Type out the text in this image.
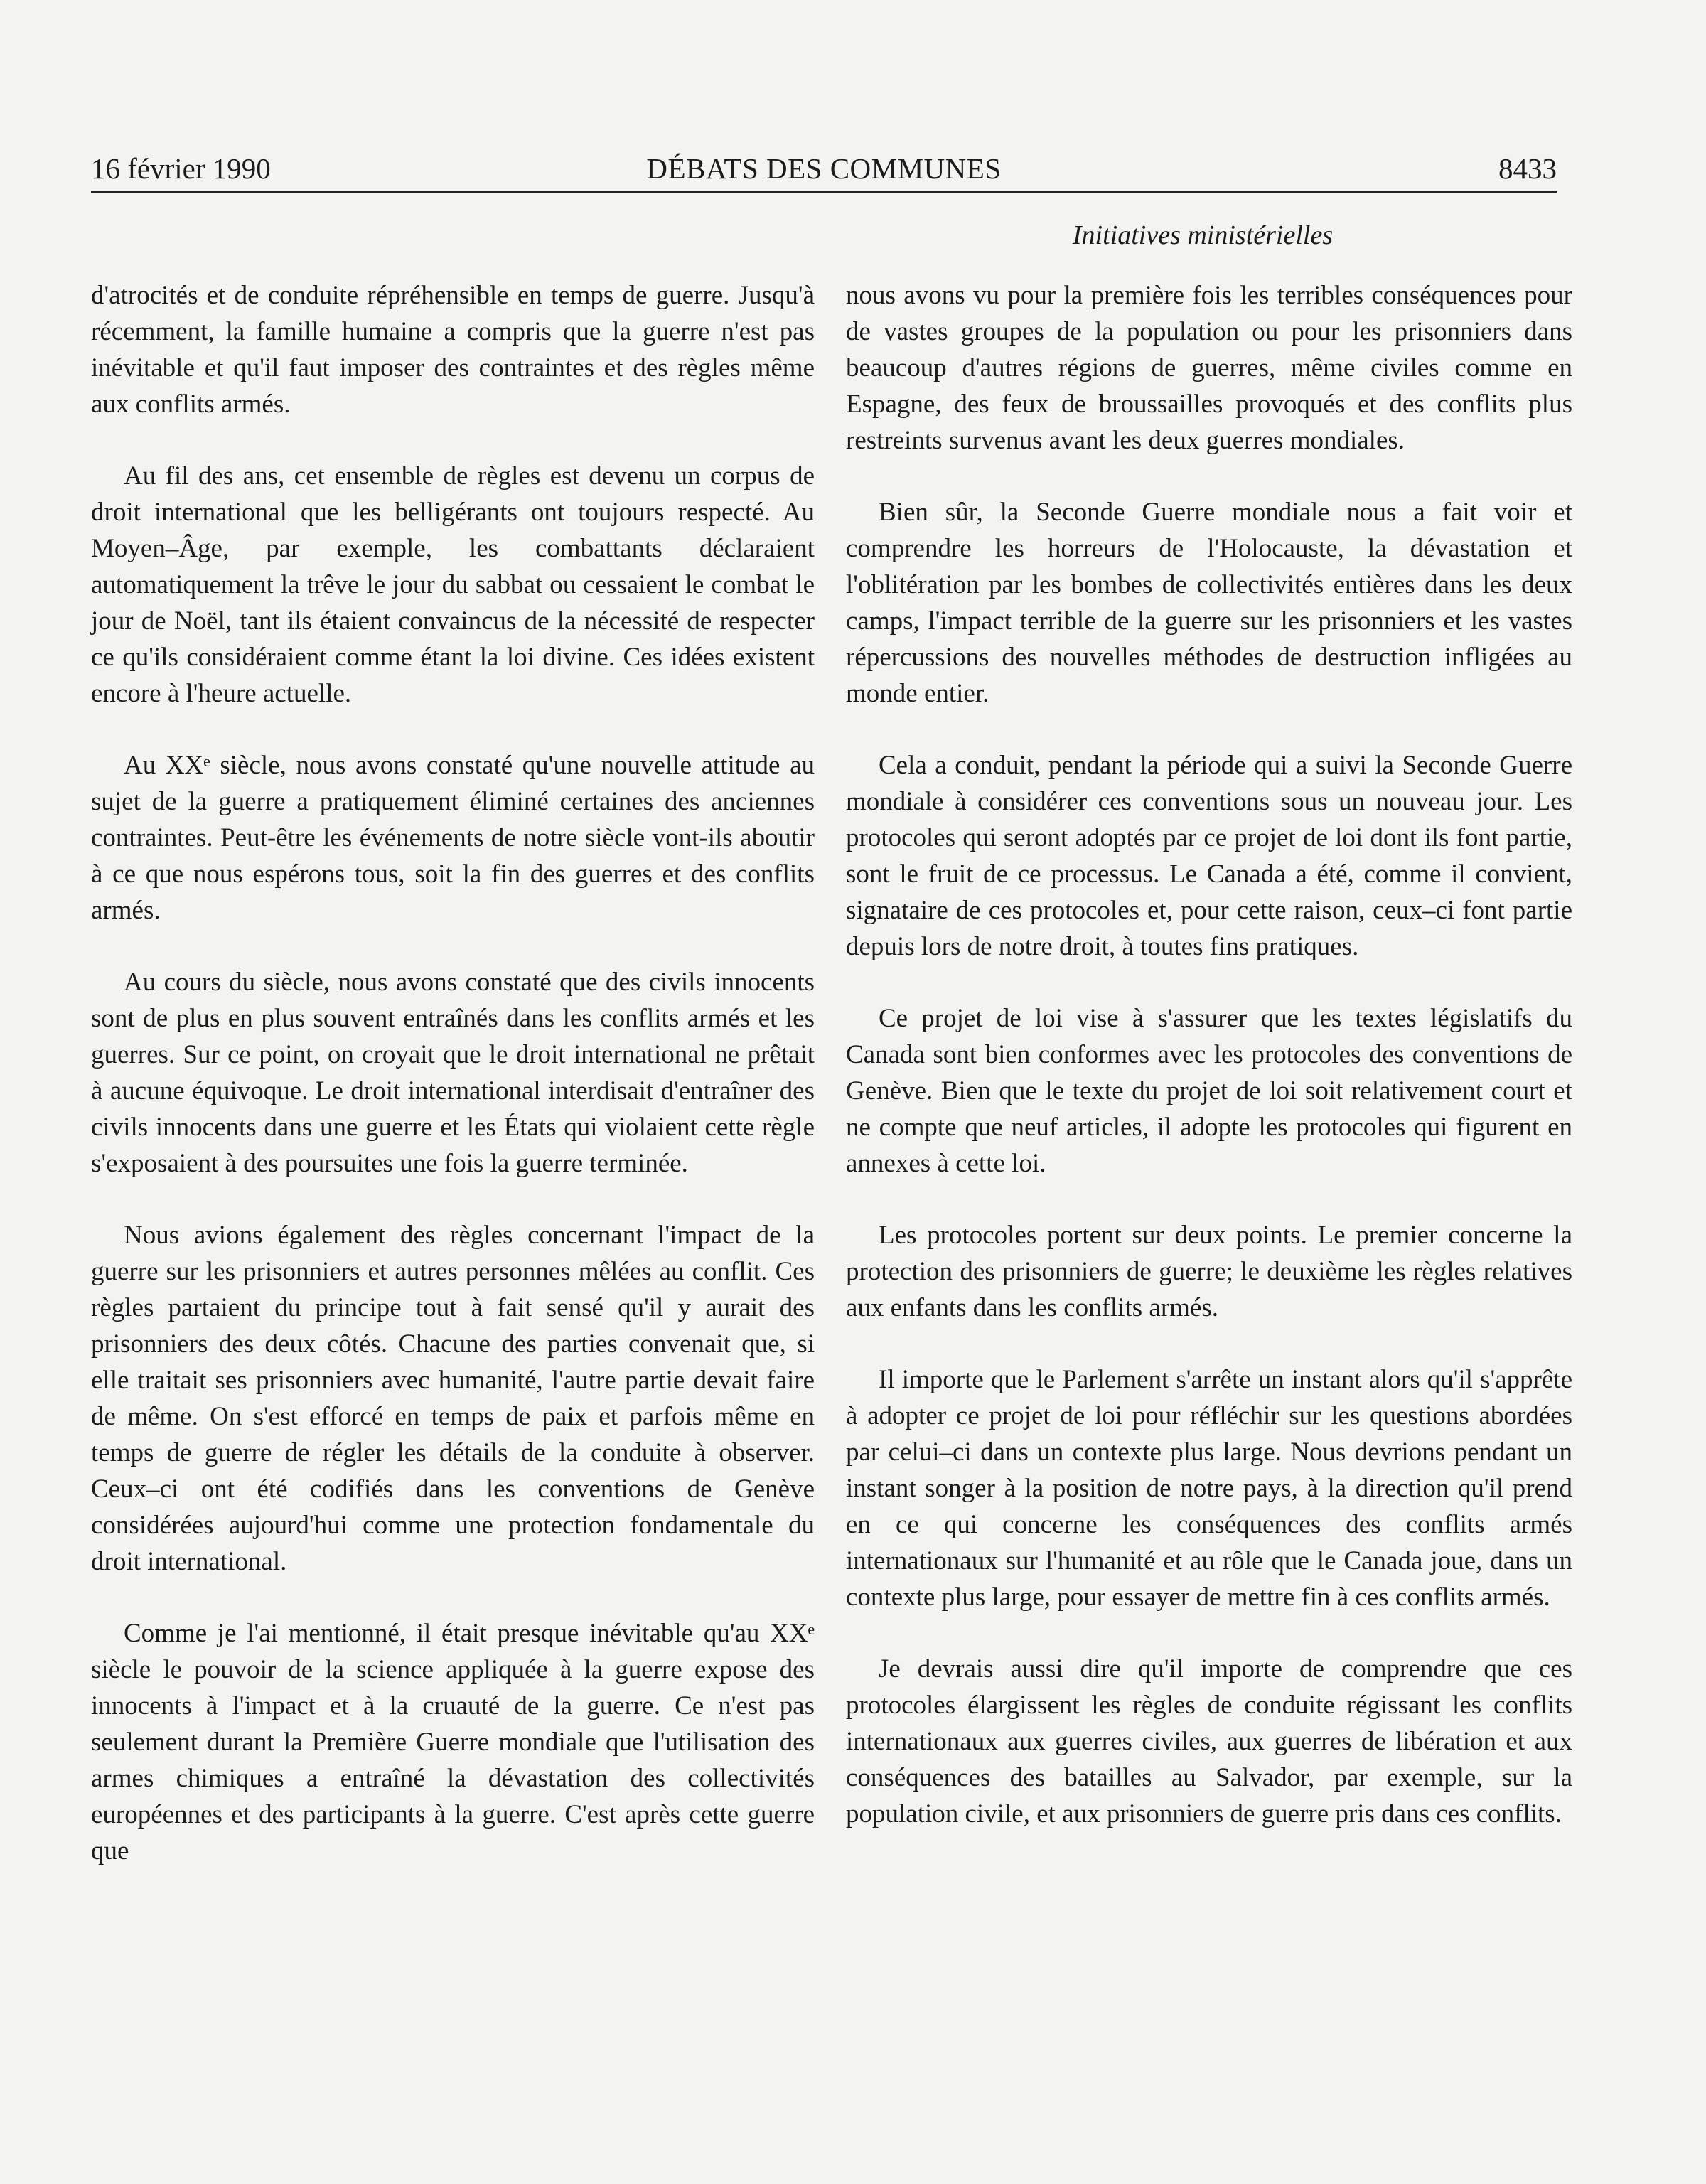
16 février 1990	DÉBATS DES COMMUNES	8433
Initiatives ministérielles

d'atrocités et de conduite répréhensible en temps de guerre. Jusqu'à récemment, la famille humaine a compris que la guerre n'est pas inévitable et qu'il faut imposer des contraintes et des règles même aux conflits armés.

Au fil des ans, cet ensemble de règles est devenu un corpus de droit international que les belligérants ont toujours respecté. Au Moyen–Âge, par exemple, les combattants déclaraient automatiquement la trêve le jour du sabbat ou cessaient le combat le jour de Noël, tant ils étaient convaincus de la nécessité de respecter ce qu'ils considéraient comme étant la loi divine. Ces idées existent encore à l'heure actuelle.

Au XXᵉ siècle, nous avons constaté qu'une nouvelle attitude au sujet de la guerre a pratiquement éliminé certaines des anciennes contraintes. Peut-être les événements de notre siècle vont-ils aboutir à ce que nous espérons tous, soit la fin des guerres et des conflits armés.

Au cours du siècle, nous avons constaté que des civils innocents sont de plus en plus souvent entraînés dans les conflits armés et les guerres. Sur ce point, on croyait que le droit international ne prêtait à aucune équivoque. Le droit international interdisait d'entraîner des civils innocents dans une guerre et les États qui violaient cette règle s'exposaient à des poursuites une fois la guerre terminée.

Nous avions également des règles concernant l'impact de la guerre sur les prisonniers et autres personnes mêlées au conflit. Ces règles partaient du principe tout à fait sensé qu'il y aurait des prisonniers des deux côtés. Chacune des parties convenait que, si elle traitait ses prisonniers avec humanité, l'autre partie devait faire de même. On s'est efforcé en temps de paix et parfois même en temps de guerre de régler les détails de la conduite à observer. Ceux–ci ont été codifiés dans les conventions de Genève considérées aujourd'hui comme une protection fondamentale du droit international.

Comme je l'ai mentionné, il était presque inévitable qu'au XXᵉ siècle le pouvoir de la science appliquée à la guerre expose des innocents à l'impact et à la cruauté de la guerre. Ce n'est pas seulement durant la Première Guerre mondiale que l'utilisation des armes chimiques a entraîné la dévastation des collectivités européennes et des participants à la guerre. C'est après cette guerre que

nous avons vu pour la première fois les terribles conséquences pour de vastes groupes de la population ou pour les prisonniers dans beaucoup d'autres régions de guerres, même civiles comme en Espagne, des feux de broussailles provoqués et des conflits plus restreints survenus avant les deux guerres mondiales.

Bien sûr, la Seconde Guerre mondiale nous a fait voir et comprendre les horreurs de l'Holocauste, la dévastation et l'oblitération par les bombes de collectivités entières dans les deux camps, l'impact terrible de la guerre sur les prisonniers et les vastes répercussions des nouvelles méthodes de destruction infligées au monde entier.

Cela a conduit, pendant la période qui a suivi la Seconde Guerre mondiale à considérer ces conventions sous un nouveau jour. Les protocoles qui seront adoptés par ce projet de loi dont ils font partie, sont le fruit de ce processus. Le Canada a été, comme il convient, signataire de ces protocoles et, pour cette raison, ceux–ci font partie depuis lors de notre droit, à toutes fins pratiques.

Ce projet de loi vise à s'assurer que les textes législatifs du Canada sont bien conformes avec les protocoles des conventions de Genève. Bien que le texte du projet de loi soit relativement court et ne compte que neuf articles, il adopte les protocoles qui figurent en annexes à cette loi.

Les protocoles portent sur deux points. Le premier concerne la protection des prisonniers de guerre; le deuxième les règles relatives aux enfants dans les conflits armés.

Il importe que le Parlement s'arrête un instant alors qu'il s'apprête à adopter ce projet de loi pour réfléchir sur les questions abordées par celui–ci dans un contexte plus large. Nous devrions pendant un instant songer à la position de notre pays, à la direction qu'il prend en ce qui concerne les conséquences des conflits armés internationaux sur l'humanité et au rôle que le Canada joue, dans un contexte plus large, pour essayer de mettre fin à ces conflits armés.

Je devrais aussi dire qu'il importe de comprendre que ces protocoles élargissent les règles de conduite régissant les conflits internationaux aux guerres civiles, aux guerres de libération et aux conséquences des batailles au Salvador, par exemple, sur la population civile, et aux prisonniers de guerre pris dans ces conflits.
